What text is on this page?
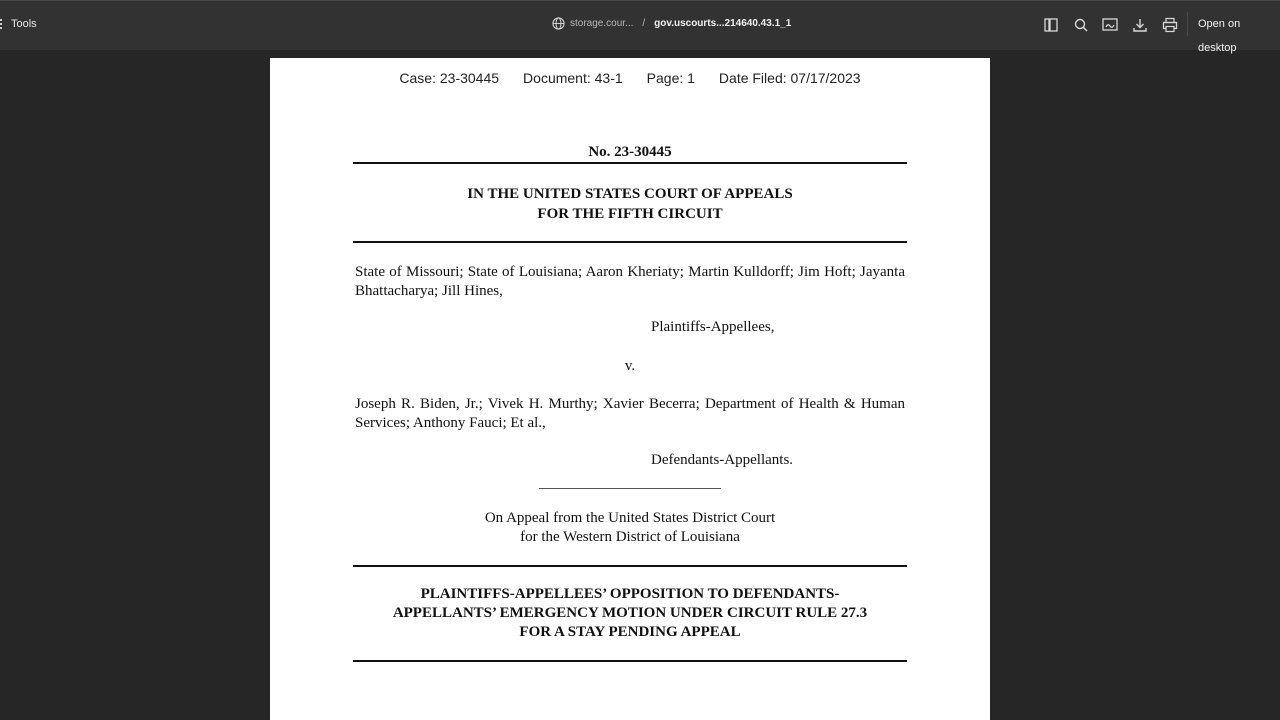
Tools	storage.cour... / gov.uscourts...214640.43.1_1	Open on desktop
Case: 23-30445 Document: 43-1 Page: 1 Date Filed: 07/17/2023
No. 23-30445
IN THE UNITED STATES COURT OF APPEALS
FOR THE FIFTH CIRCUIT
State of Missouri; State of Louisiana; Aaron Kheriaty; Martin Kulldorff; Jim Hoft; Jayanta Bhattacharya; Jill Hines,
Plaintiffs-Appellees,
v.
Joseph R. Biden, Jr.; Vivek H. Murthy; Xavier Becerra; Department of Health & Human Services; Anthony Fauci; Et al.,
Defendants-Appellants.
On Appeal from the United States District Court
for the Western District of Louisiana
PLAINTIFFS-APPELLEES’ OPPOSITION TO DEFENDANTS-
APPELLANTS’ EMERGENCY MOTION UNDER CIRCUIT RULE 27.3
FOR A STAY PENDING APPEAL
